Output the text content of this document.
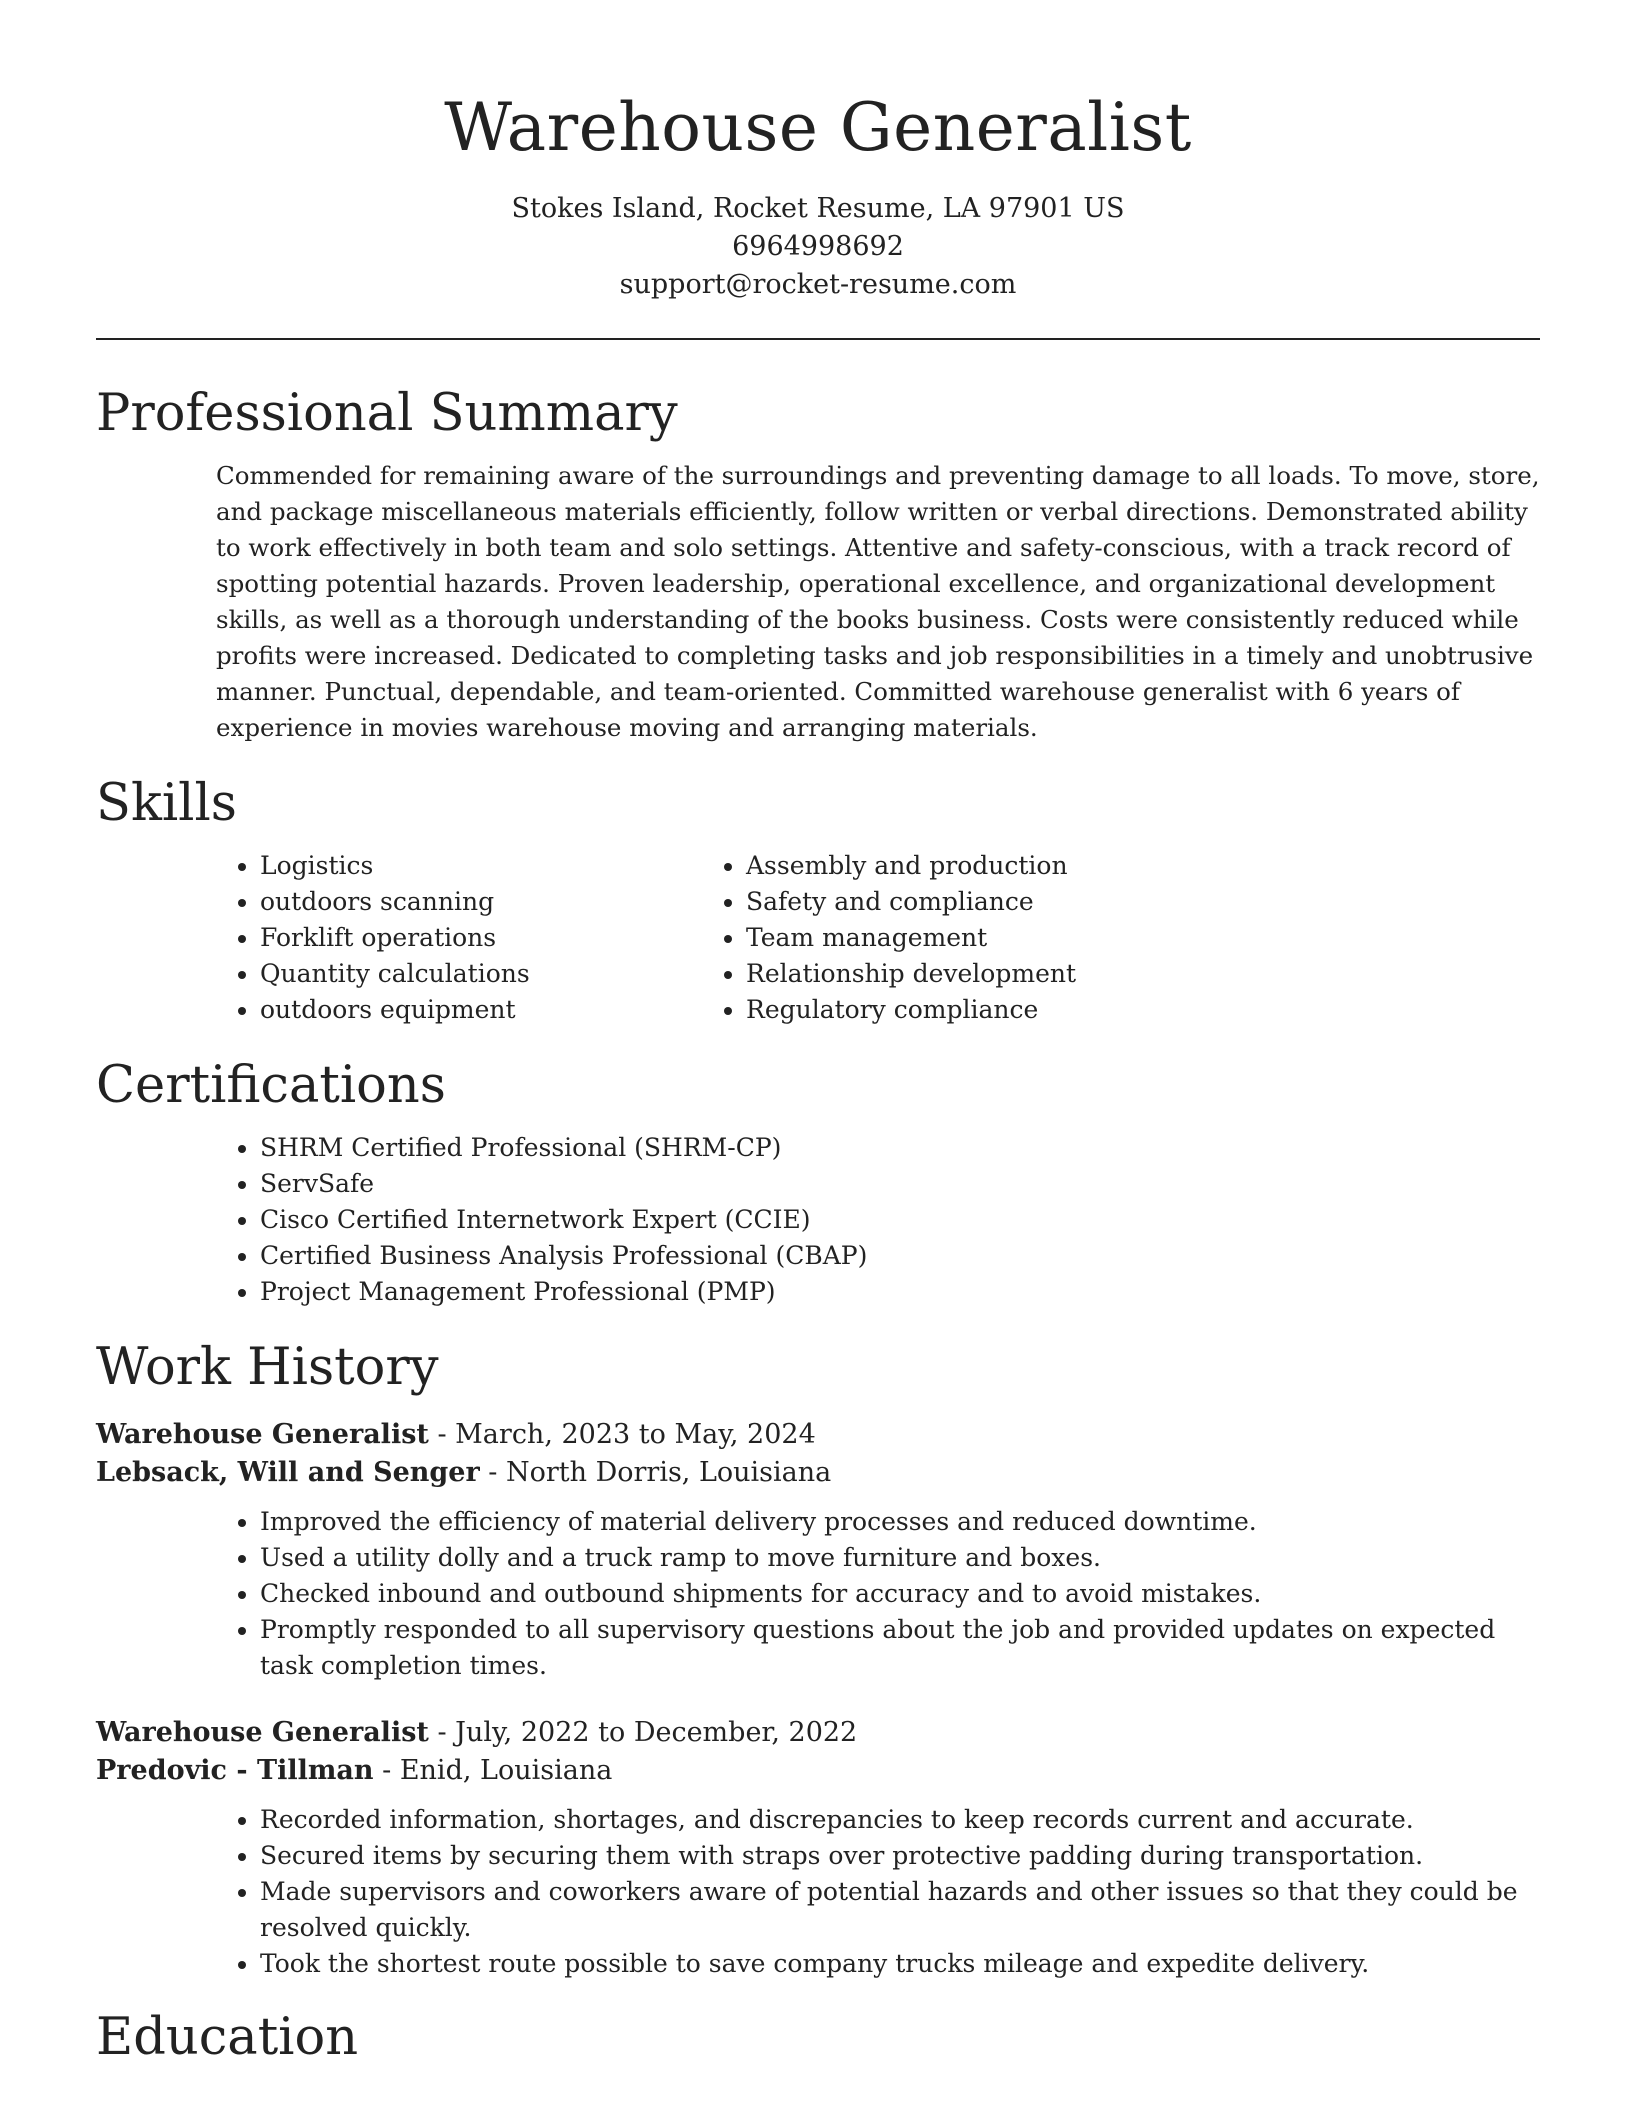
Warehouse Generalist

Stokes Island, Rocket Resume, LA 97901 US

6964998692

support@rocket-resume.com

Professional Summary

Commended for remaining aware of the surroundings and preventing damage to all loads. To move, store, and package miscellaneous materials efficiently, follow written or verbal directions. Demonstrated ability to work effectively in both team and solo settings. Attentive and safety-conscious, with a track record of spotting potential hazards. Proven leadership, operational excellence, and organizational development skills, as well as a thorough understanding of the books business. Costs were consistently reduced while profits were increased. Dedicated to completing tasks and job responsibilities in a timely and unobtrusive manner. Punctual, dependable, and team-oriented. Committed warehouse generalist with 6 years of experience in movies warehouse moving and arranging materials.

Skills
• Logistics
• outdoors scanning
• Forklift operations
• Quantity calculations
• outdoors equipment
• Assembly and production
• Safety and compliance
• Team management
• Relationship development
• Regulatory compliance
Certifications
• SHRM Certified Professional (SHRM-CP)
• ServSafe
• Cisco Certified Internetwork Expert (CCIE)
• Certified Business Analysis Professional (CBAP)
• Project Management Professional (PMP)
Work History

Warehouse Generalist - March, 2023 to May, 2024

Lebsack, Will and Senger - North Dorris, Louisiana

• Improved the efficiency of material delivery processes and reduced downtime.
• Used a utility dolly and a truck ramp to move furniture and boxes.
• Checked inbound and outbound shipments for accuracy and to avoid mistakes.
• Promptly responded to all supervisory questions about the job and provided updates on expected task completion times.

Warehouse Generalist - July, 2022 to December, 2022

Predovic - Tillman - Enid, Louisiana

• Recorded information, shortages, and discrepancies to keep records current and accurate.
• Secured items by securing them with straps over protective padding during transportation.
• Made supervisors and coworkers aware of potential hazards and other issues so that they could be resolved quickly.
• Took the shortest route possible to save company trucks mileage and expedite delivery.
Education
